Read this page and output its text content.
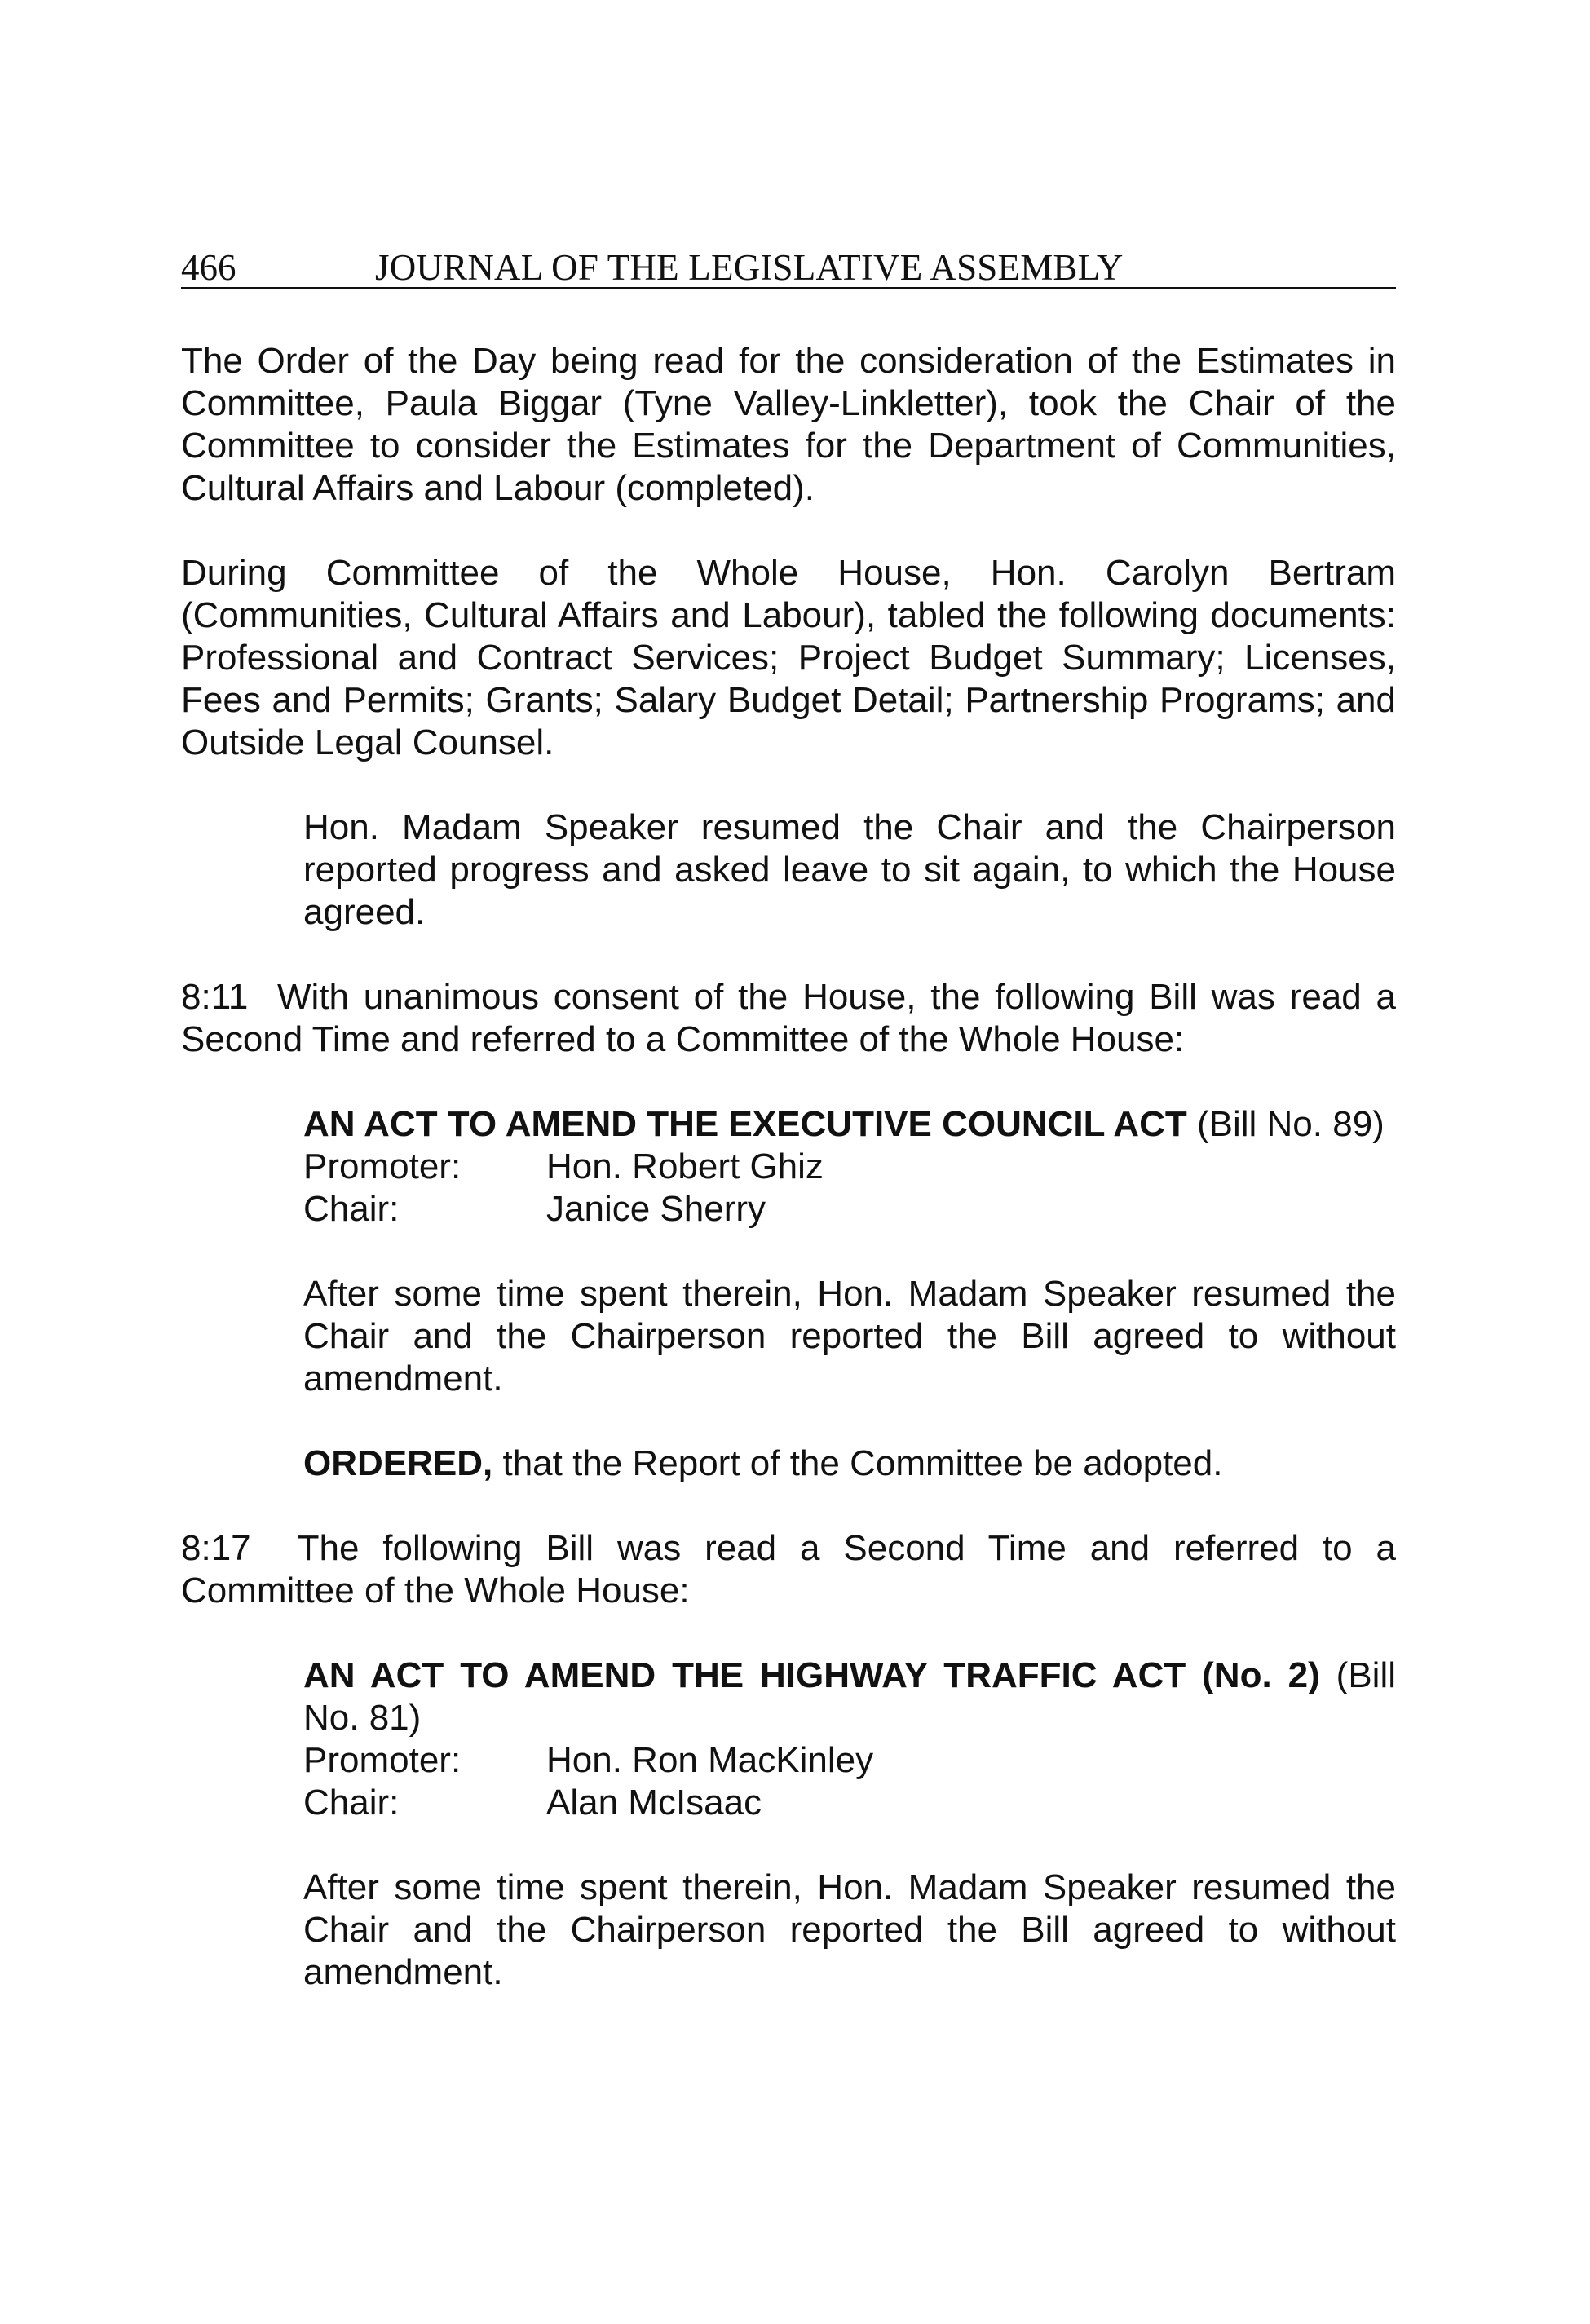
466	JOURNAL OF THE LEGISLATIVE ASSEMBLY

The Order of the Day being read for the consideration of the Estimates in Committee, Paula Biggar (Tyne Valley-Linkletter), took the Chair of the Committee to consider the Estimates for the Department of Communities, Cultural Affairs and Labour (completed).

During Committee of the Whole House, Hon. Carolyn Bertram (Communities, Cultural Affairs and Labour), tabled the following documents: Professional and Contract Services; Project Budget Summary; Licenses, Fees and Permits; Grants; Salary Budget Detail; Partnership Programs; and Outside Legal Counsel.

Hon. Madam Speaker resumed the Chair and the Chairperson reported progress and asked leave to sit again, to which the House agreed.

8:11 With unanimous consent of the House, the following Bill was read a Second Time and referred to a Committee of the Whole House:

AN ACT TO AMEND THE EXECUTIVE COUNCIL ACT (Bill No. 89)

Promoter:	Hon. Robert Ghiz
Chair:	Janice Sherry

After some time spent therein, Hon. Madam Speaker resumed the Chair and the Chairperson reported the Bill agreed to without amendment.

ORDERED, that the Report of the Committee be adopted.

8:17 The following Bill was read a Second Time and referred to a Committee of the Whole House:

AN ACT TO AMEND THE HIGHWAY TRAFFIC ACT (No. 2) (Bill No. 81)

Promoter:	Hon. Ron MacKinley
Chair:	Alan McIsaac

After some time spent therein, Hon. Madam Speaker resumed the Chair and the Chairperson reported the Bill agreed to without amendment.
